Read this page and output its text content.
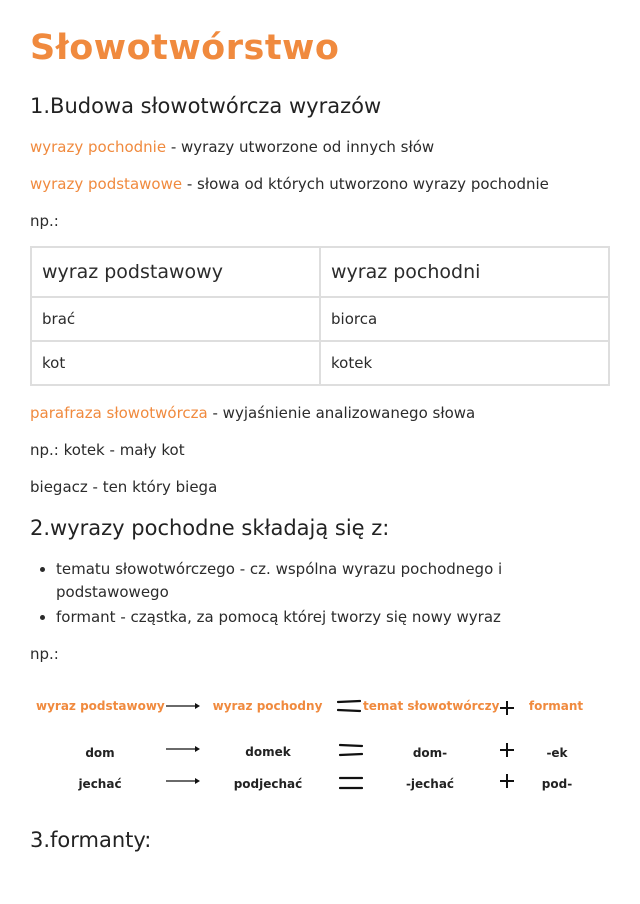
Słowotwórstwo
1.Budowa słowotwórcza wyrazów
wyrazy pochodnie - wyrazy utworzone od innych słów
wyrazy podstawowe - słowa od których utworzono wyrazy pochodnie
np.:
wyraz podstawowy	wyraz pochodni
brać	biorca
kot	kotek
parafraza słowotwórcza - wyjaśnienie analizowanego słowa
np.: kotek - mały kot
biegacz - ten który biega
2.wyrazy pochodne składają się z:
• tematu słowotwórczego - cz. wspólna wyrazu pochodnego i podstawowego
• formant - cząstka, za pomocą której tworzy się nowy wyraz
np.:
wyraz podstawowy	wyraz pochodny	temat słowotwórczy	formant
dom	domek	dom-	-ek
jechać	podjechać	-jechać	pod-
3.formanty:
